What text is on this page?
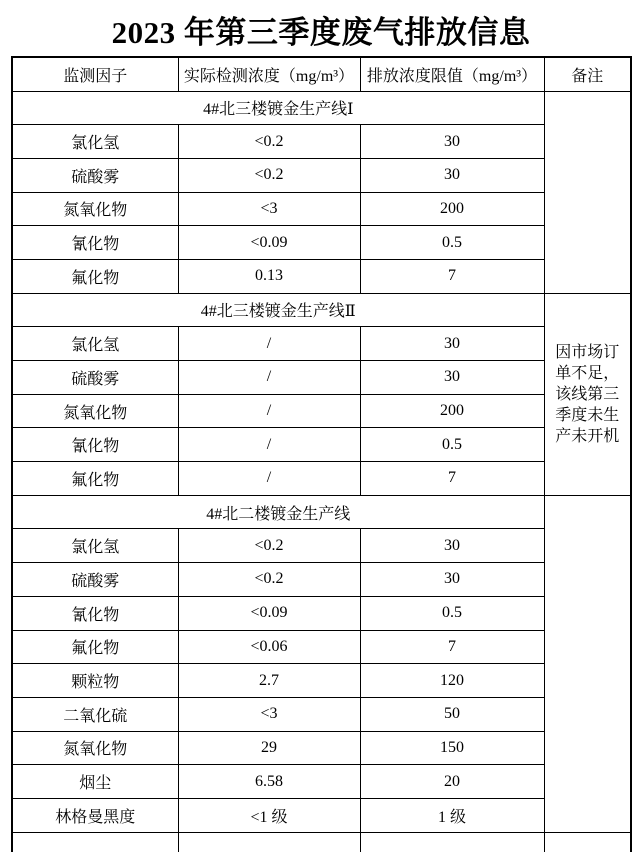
2023 年第三季度废气排放信息
监测因子	实际检测浓度（mg/m³）	排放浓度限值（mg/m³）	备注
4#北三楼镀金生产线Ⅰ			
氯化氢	<0.2	30	
硫酸雾	<0.2	30	
氮氧化物	<3	200	
氰化物	<0.09	0.5	
氟化物	0.13	7	
4#北三楼镀金生产线Ⅱ			因市场订单不足，该线第三季度未生产未开机
氯化氢	/	30	
硫酸雾	/	30	
氮氧化物	/	200	
氰化物	/	0.5	
氟化物	/	7	
4#北二楼镀金生产线			
氯化氢	<0.2	30	
硫酸雾	<0.2	30	
氰化物	<0.09	0.5	
氟化物	<0.06	7	
颗粒物	2.7	120	
二氧化硫	<3	50	
氮氧化物	29	150	
烟尘	6.58	20	
林格曼黑度	<1 级	1 级	
